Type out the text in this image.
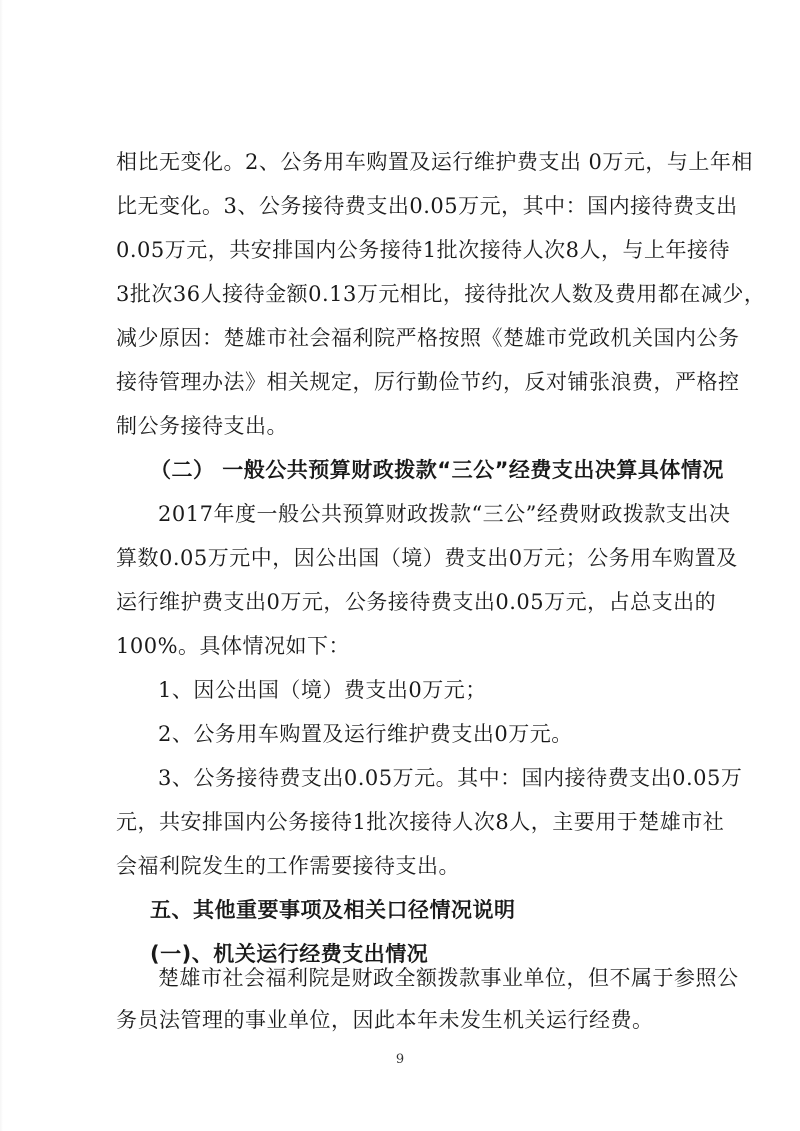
相比无变化。2、公务用车购置及运行维护费支出 0万元，与上年相
比无变化。3、公务接待费支出0.05万元，其中：国内接待费支出
0.05万元，共安排国内公务接待1批次接待人次8人，与上年接待
3批次36人接待金额0.13万元相比，接待批次人数及费用都在减少，
减少原因：楚雄市社会福利院严格按照《楚雄市党政机关国内公务
接待管理办法》相关规定，厉行勤俭节约，反对铺张浪费，严格控
制公务接待支出。
（二） 一般公共预算财政拨款“三公”经费支出决算具体情况
2017年度一般公共预算财政拨款“三公”经费财政拨款支出决
算数0.05万元中，因公出国（境）费支出0万元；公务用车购置及
运行维护费支出0万元，公务接待费支出0.05万元，占总支出的
100%。具体情况如下：
1、因公出国（境）费支出0万元；
2、公务用车购置及运行维护费支出0万元。
3、公务接待费支出0.05万元。其中：国内接待费支出0.05万
元，共安排国内公务接待1批次接待人次8人，主要用于楚雄市社
会福利院发生的工作需要接待支出。
五、其他重要事项及相关口径情况说明
(一)、机关运行经费支出情况
楚雄市社会福利院是财政全额拨款事业单位，但不属于参照公
9
务员法管理的事业单位，因此本年未发生机关运行经费。
